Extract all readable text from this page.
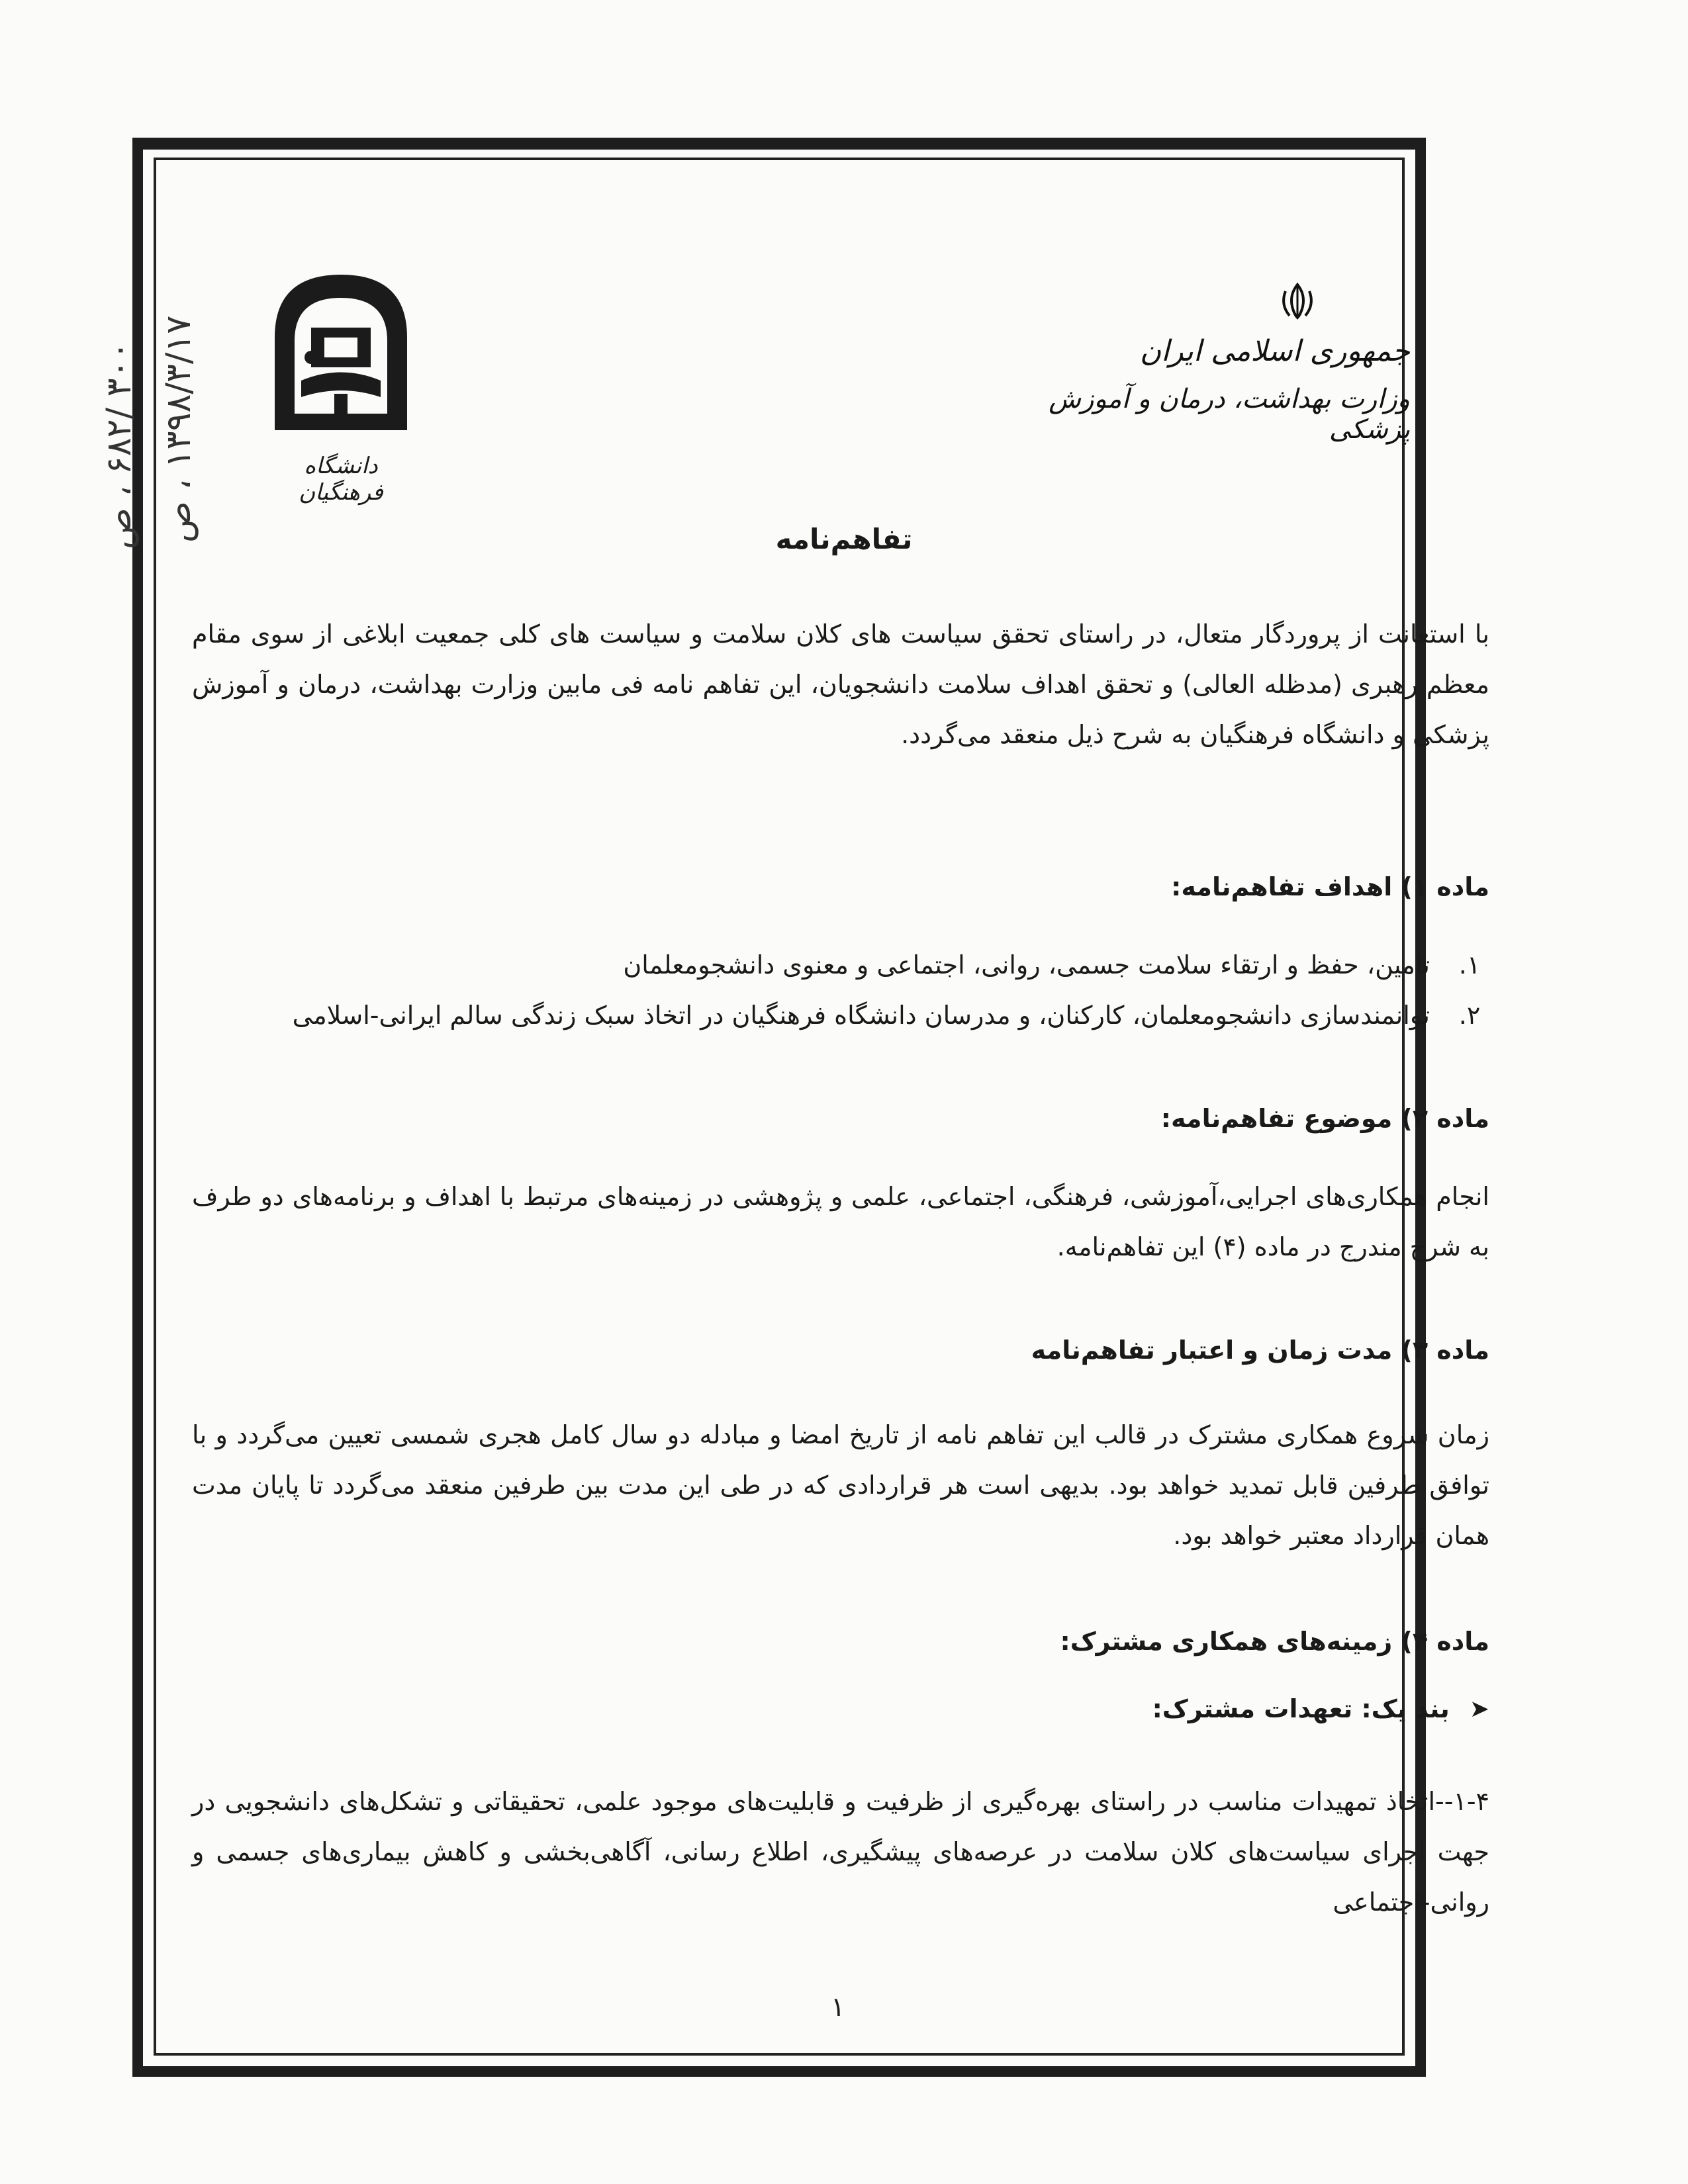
۳۰۰ /۶۸۲ ، ص
۱۳۹۸/۳/۱۷ ، ص	دانشگاه فرهنگیان
جمهوری اسلامی ایران
وزارت بهداشت، درمان و آموزش پزشکی
تفاهم‌نامه

با استعانت از پروردگار متعال، در راستای تحقق سیاست های کلان سلامت و سیاست های کلی جمعیت ابلاغی از سوی مقام معظم رهبری (مدظله العالی) و تحقق اهداف سلامت دانشجویان، این تفاهم نامه فی مابین وزارت بهداشت، درمان و آموزش پزشکی و دانشگاه فرهنگیان به شرح ذیل منعقد می‌گردد.

ماده ۱) اهداف تفاهم‌نامه:

۱.
تامین، حفظ و ارتقاء سلامت جسمی، روانی، اجتماعی و معنوی دانشجومعلمان
۲.
توانمندسازی دانشجومعلمان، کارکنان، و مدرسان دانشگاه فرهنگیان در اتخاذ سبک زندگی سالم ایرانی-اسلامی

ماده ۲) موضوع تفاهم‌نامه:

انجام همکاری‌های اجرایی،آموزشی، فرهنگی، اجتماعی، علمی و پژوهشی در زمینه‌های مرتبط با اهداف و برنامه‌های دو طرف به شرح مندرج در ماده (۴) این تفاهم‌نامه.

ماده ۳) مدت زمان و اعتبار تفاهم‌نامه

زمان شروع همکاری مشترک در قالب این تفاهم نامه از تاریخ امضا و مبادله دو سال کامل هجری شمسی تعیین می‌گردد و با توافق طرفین قابل تمدید خواهد بود. بدیهی است هر قراردادی که در طی این مدت بین طرفین منعقد می‌گردد تا پایان مدت همان قرارداد معتبر خواهد بود.

ماده ۴) زمینه‌های همکاری مشترک:

➤
بند یک: تعهدات مشترک:

۱-۴--اتخاذ تمهیدات مناسب در راستای بهره‌گیری از ظرفیت و قابلیت‌های موجود علمی، تحقیقاتی و تشکل‌های دانشجویی در جهت اجرای سیاست‌های کلان سلامت در عرصه‌های پیشگیری، اطلاع رسانی، آگاهی‌بخشی و کاهش بیماری‌های جسمی و روانی-اجتماعی

۱
